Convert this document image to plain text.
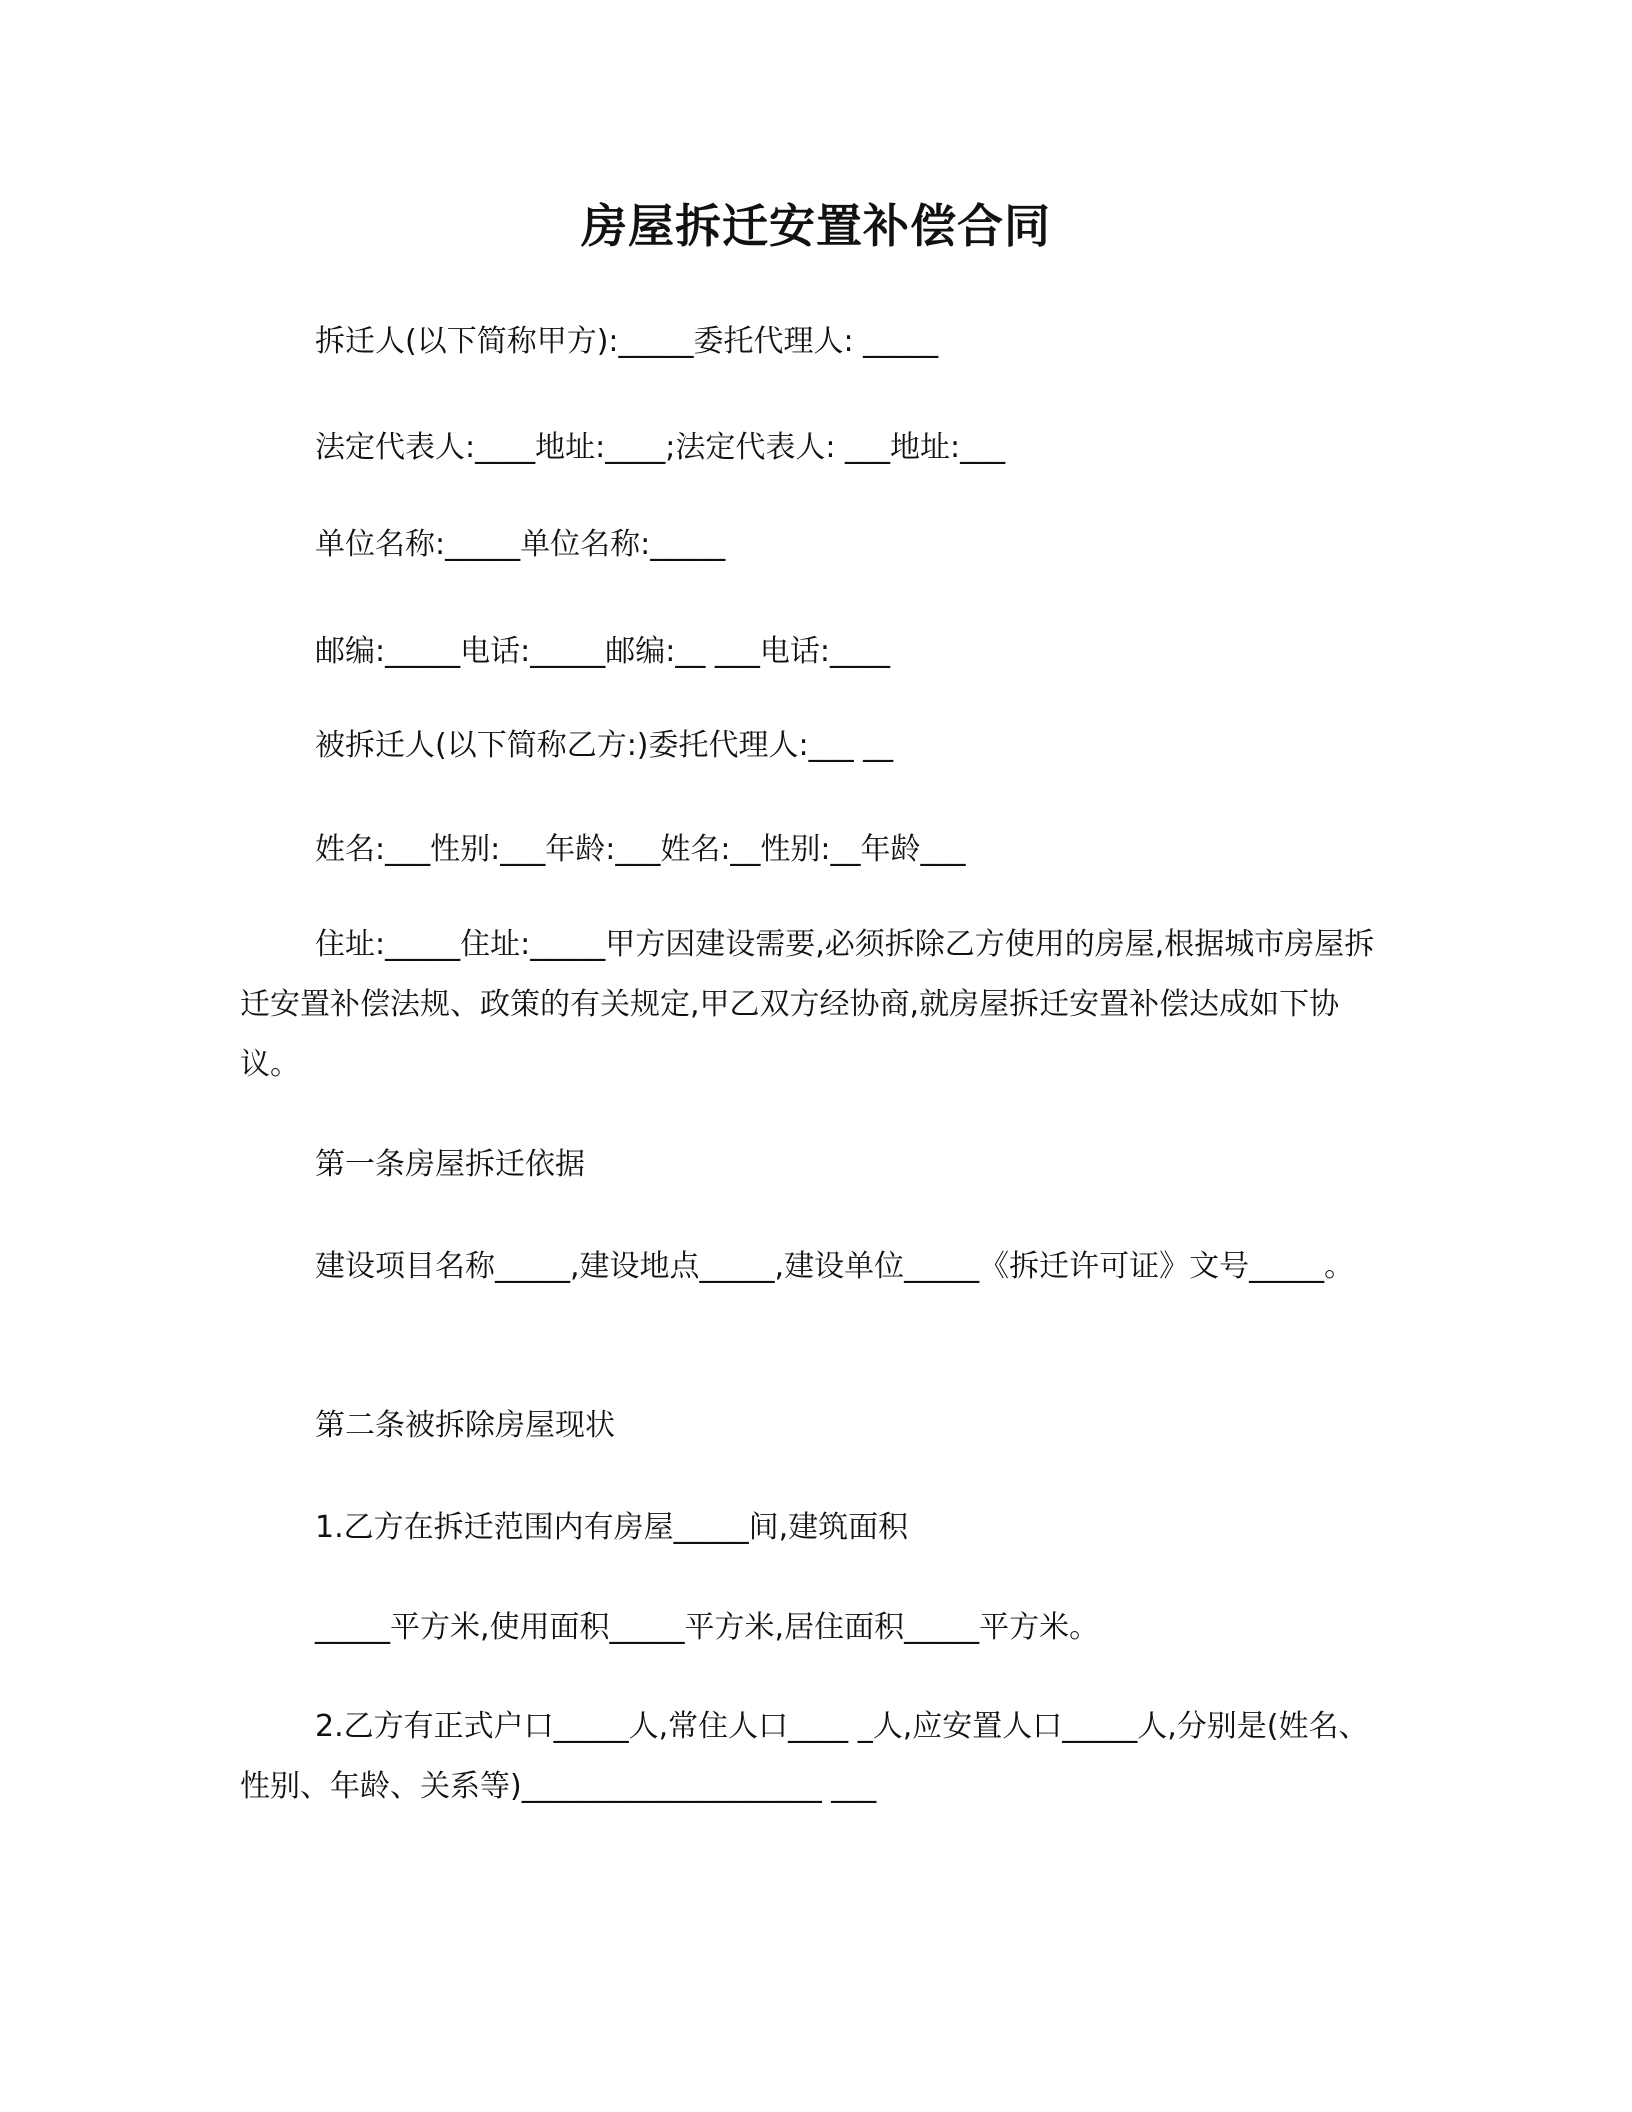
房屋拆迁安置补偿合同

拆迁人(以下简称甲方):_____委托代理人: _____

法定代表人:____地址:____;法定代表人: ___地址:___

单位名称:_____单位名称:_____

邮编:_____电话:_____邮编:__ ___电话:____

被拆迁人(以下简称乙方:)委托代理人:___ __

姓名:___性别:___年龄:___姓名:__性别:__年龄___

住址:_____住址:_____甲方因建设需要,必须拆除乙方使用的房屋,根据城市房屋拆迁安置补偿法规、政策的有关规定,甲乙双方经协商,就房屋拆迁安置补偿达成如下协议。

第一条房屋拆迁依据

建设项目名称_____,建设地点_____,建设单位_____《拆迁许可证》文号_____。

第二条被拆除房屋现状

1.乙方在拆迁范围内有房屋_____间,建筑面积

_____平方米,使用面积_____平方米,居住面积_____平方米。

2.乙方有正式户口_____人,常住人口____ _人,应安置人口_____人,分别是(姓名、性别、年龄、关系等)____________________ ___
